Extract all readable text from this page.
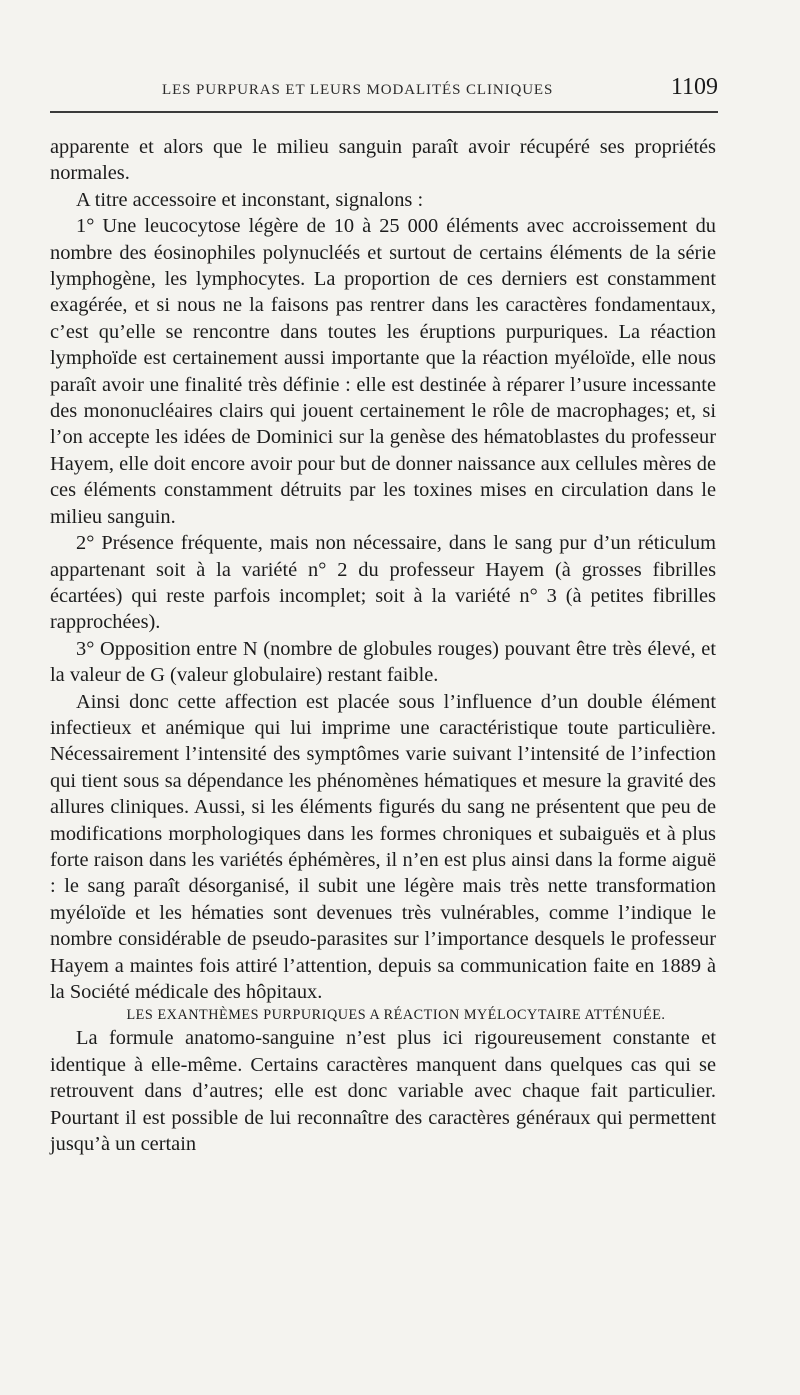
LES PURPURAS ET LEURS MODALITÉS CLINIQUES	1109

apparente et alors que le milieu sanguin paraît avoir récupéré ses propriétés normales.

A titre accessoire et inconstant, signalons :

1° Une leucocytose légère de 10 à 25 000 éléments avec accroissement du nombre des éosinophiles polynucléés et surtout de certains éléments de la série lymphogène, les lymphocytes. La proportion de ces derniers est constamment exagérée, et si nous ne la faisons pas rentrer dans les caractères fondamentaux, c’est qu’elle se rencontre dans toutes les éruptions purpuriques. La réaction lymphoïde est certainement aussi importante que la réaction myéloïde, elle nous paraît avoir une finalité très définie : elle est destinée à réparer l’usure incessante des mononucléaires clairs qui jouent certainement le rôle de macrophages; et, si l’on accepte les idées de Dominici sur la genèse des hématoblastes du professeur Hayem, elle doit encore avoir pour but de donner naissance aux cellules mères de ces éléments constamment détruits par les toxines mises en circulation dans le milieu sanguin.

2° Présence fréquente, mais non nécessaire, dans le sang pur d’un réticulum appartenant soit à la variété n° 2 du professeur Hayem (à grosses fibrilles écartées) qui reste parfois incomplet; soit à la variété n° 3 (à petites fibrilles rapprochées).

3° Opposition entre N (nombre de globules rouges) pouvant être très élevé, et la valeur de G (valeur globulaire) restant faible.

Ainsi donc cette affection est placée sous l’influence d’un double élément infectieux et anémique qui lui imprime une caractéristique toute particulière. Nécessairement l’intensité des symptômes varie suivant l’intensité de l’infection qui tient sous sa dépendance les phénomènes hématiques et mesure la gravité des allures cliniques. Aussi, si les éléments figurés du sang ne présentent que peu de modifications morphologiques dans les formes chroniques et subaiguës et à plus forte raison dans les variétés éphémères, il n’en est plus ainsi dans la forme aiguë : le sang paraît désorganisé, il subit une légère mais très nette transformation myéloïde et les hématies sont devenues très vulnérables, comme l’indique le nombre considérable de pseudo-parasites sur l’importance desquels le professeur Hayem a maintes fois attiré l’attention, depuis sa communication faite en 1889 à la Société médicale des hôpitaux.

LES EXANTHÈMES PURPURIQUES A RÉACTION MYÉLOCYTAIRE ATTÉNUÉE.

La formule anatomo-sanguine n’est plus ici rigoureusement constante et identique à elle-même. Certains caractères manquent dans quelques cas qui se retrouvent dans d’autres; elle est donc variable avec chaque fait particulier. Pourtant il est possible de lui reconnaître des caractères généraux qui permettent jusqu’à un certain
